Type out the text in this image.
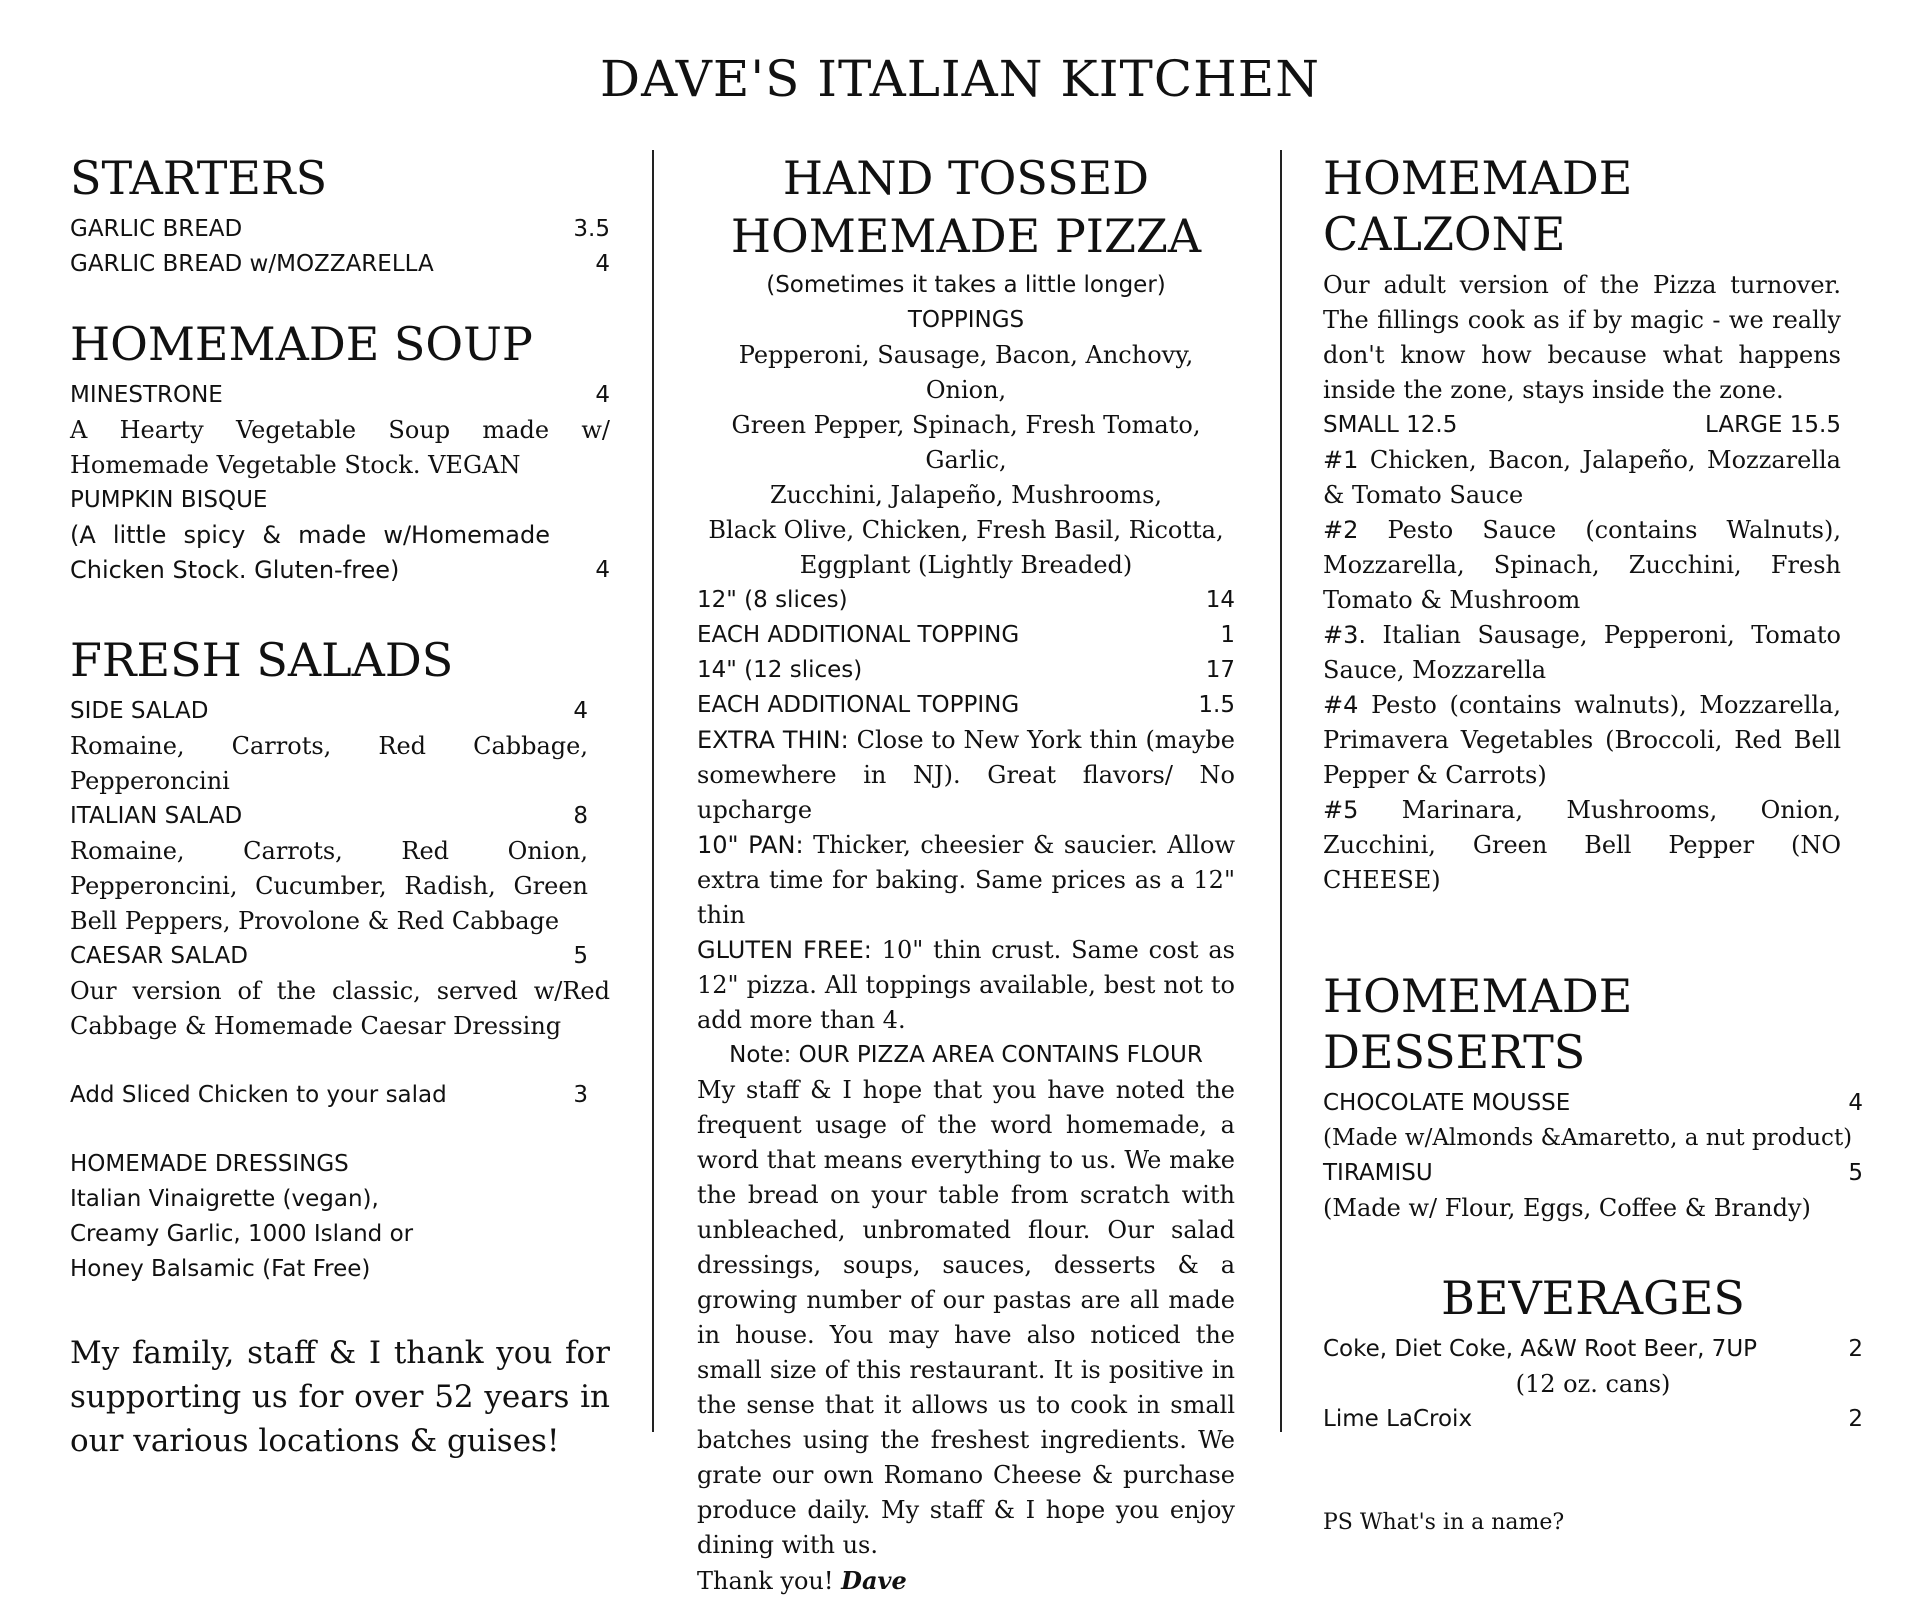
DAVE'S ITALIAN KITCHEN
STARTERS
GARLIC BREAD	3.5
GARLIC BREAD w/MOZZARELLA	4
HOMEMADE SOUP
MINESTRONE	4

A Hearty Vegetable Soup made w/ Homemade Vegetable Stock. VEGAN

PUMPKIN BISQUE

(A little spicy & made w/Homemade Chicken Stock. Gluten-free)	4
FRESH SALADS
SIDE SALAD	4

Romaine, Carrots, Red Cabbage, Pepperoncini

ITALIAN SALAD	8

Romaine, Carrots, Red Onion, Pepperoncini, Cucumber, Radish, Green Bell Peppers, Provolone & Red Cabbage

CAESAR SALAD	5

Our version of the classic, served w/Red Cabbage & Homemade Caesar Dressing

Add Sliced Chicken to your salad	3
HOMEMADE DRESSINGS
Italian Vinaigrette (vegan),
Creamy Garlic, 1000 Island or
Honey Balsamic (Fat Free)

My family, staff & I thank you for supporting us for over 52 years in our various locations & guises!

HAND TOSSED
HOMEMADE PIZZA
(Sometimes it takes a little longer)
TOPPINGS

Pepperoni, Sausage, Bacon, Anchovy, Onion,

Green Pepper, Spinach, Fresh Tomato, Garlic,

Zucchini, Jalapeño, Mushrooms,

Black Olive, Chicken, Fresh Basil, Ricotta,

Eggplant (Lightly Breaded)

12" (8 slices)	14
EACH ADDITIONAL TOPPING	1
14" (12 slices)	17
EACH ADDITIONAL TOPPING	1.5

EXTRA THIN: Close to New York thin (maybe somewhere in NJ). Great flavors/ No upcharge

10" PAN: Thicker, cheesier & saucier. Allow extra time for baking. Same prices as a 12" thin

GLUTEN FREE: 10" thin crust. Same cost as 12" pizza. All toppings available, best not to add more than 4.

Note: OUR PIZZA AREA CONTAINS FLOUR

My staff & I hope that you have noted the frequent usage of the word homemade, a word that means everything to us. We make the bread on your table from scratch with unbleached, unbromated flour. Our salad dressings, soups, sauces, desserts & a growing number of our pastas are all made in house. You may have also noticed the small size of this restaurant. It is positive in the sense that it allows us to cook in small batches using the freshest ingredients. We grate our own Romano Cheese & purchase produce daily. My staff & I hope you enjoy dining with us.

Thank you! Dave

HOMEMADE CALZONE

Our adult version of the Pizza turnover. The fillings cook as if by magic - we really don't know how because what happens inside the zone, stays inside the zone.

SMALL 12.5	LARGE 15.5

#1 Chicken, Bacon, Jalapeño, Mozzarella & Tomato Sauce

#2 Pesto Sauce (contains Walnuts), Mozzarella, Spinach, Zucchini, Fresh Tomato & Mushroom

#3. Italian Sausage, Pepperoni, Tomato Sauce, Mozzarella

#4 Pesto (contains walnuts), Mozzarella, Primavera Vegetables (Broccoli, Red Bell Pepper & Carrots)

#5 Marinara, Mushrooms, Onion, Zucchini, Green Bell Pepper (NO CHEESE)

HOMEMADE DESSERTS
CHOCOLATE MOUSSE	4

(Made w/Almonds &Amaretto, a nut product)

TIRAMISU	5

(Made w/ Flour, Eggs, Coffee & Brandy)

BEVERAGES
Coke, Diet Coke, A&W Root Beer, 7UP	2

(12 oz. cans)

Lime LaCroix	2
PS What's in a name?
